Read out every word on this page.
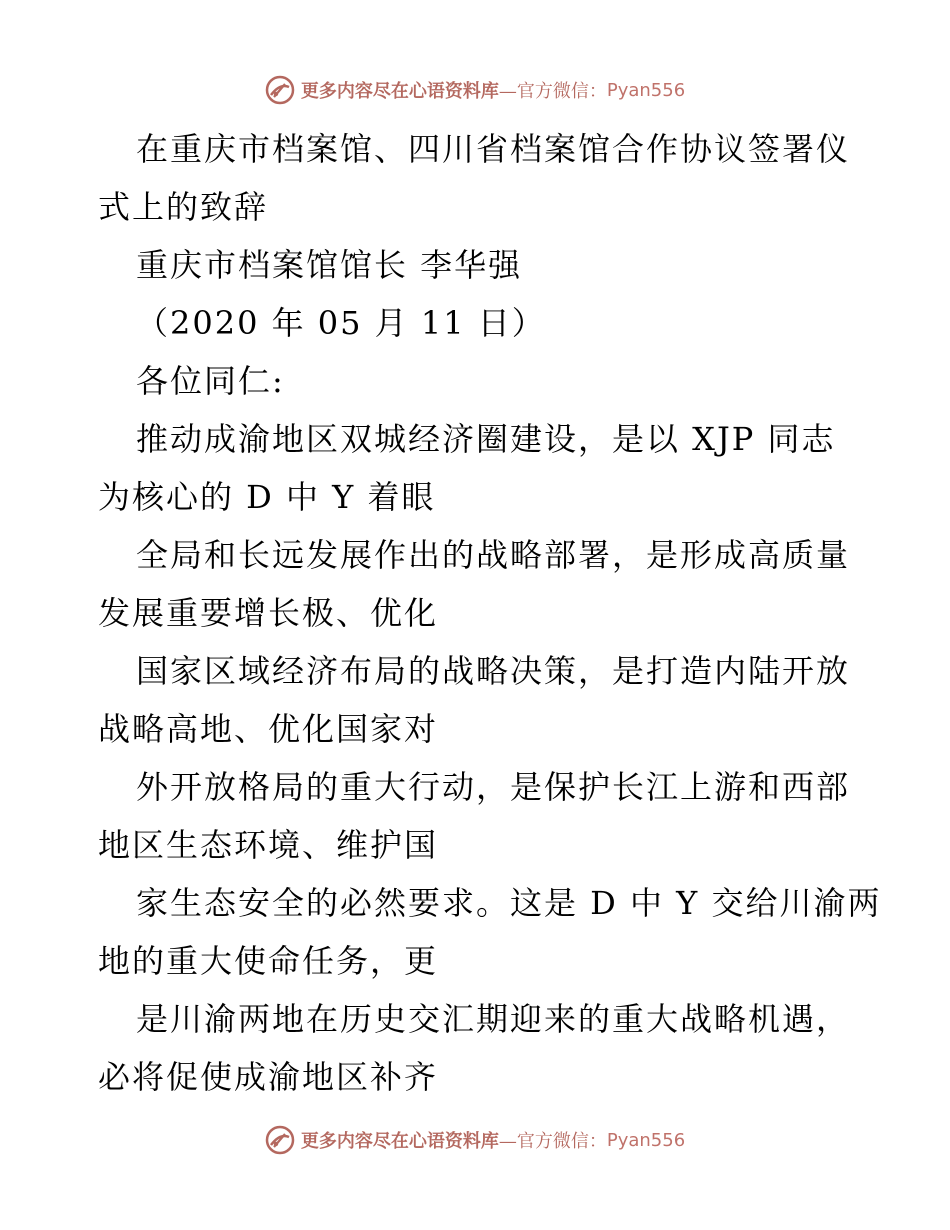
更多内容尽在心语资料库 —官方微信： Pyan556
在重庆市档案馆、四川省档案馆合作协议签署仪
式上的致辞
重庆市档案馆馆长 李华强
（2020 年 05 月 11 日）
各位同仁:
推动成渝地区双城经济圈建设，是以 XJP 同志
为核心的 D 中 Y 着眼
全局和长远发展作出的战略部署，是形成高质量
发展重要增长极、优化
国家区域经济布局的战略决策，是打造内陆开放
战略高地、优化国家对
外开放格局的重大行动，是保护长江上游和西部
地区生态环境、维护国
家生态安全的必然要求。这是 D 中 Y 交给川渝两
地的重大使命任务，更
是川渝两地在历史交汇期迎来的重大战略机遇，
必将促使成渝地区补齐
更多内容尽在心语资料库 —官方微信： Pyan556
